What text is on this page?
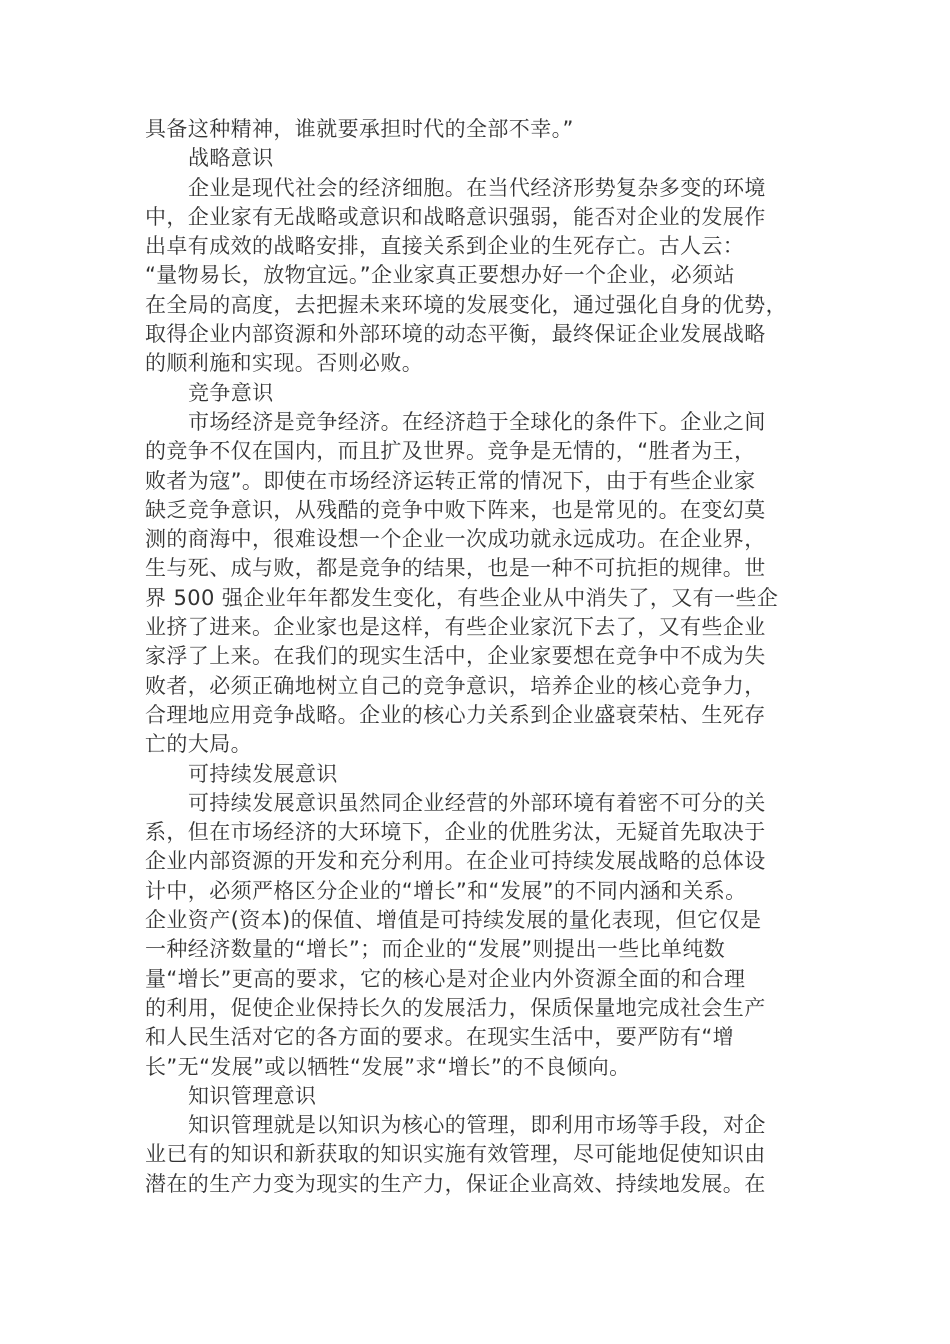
具备这种精神，谁就要承担时代的全部不幸。”
战略意识
企业是现代社会的经济细胞。在当代经济形势复杂多变的环境
中，企业家有无战略或意识和战略意识强弱，能否对企业的发展作
出卓有成效的战略安排，直接关系到企业的生死存亡。古人云：
“量物易长，放物宜远。”企业家真正要想办好一个企业，必须站
在全局的高度，去把握未来环境的发展变化，通过强化自身的优势，
取得企业内部资源和外部环境的动态平衡，最终保证企业发展战略
的顺利施和实现。否则必败。
竞争意识
市场经济是竞争经济。在经济趋于全球化的条件下。企业之间
的竞争不仅在国内，而且扩及世界。竞争是无情的，“胜者为王，
败者为寇”。即使在市场经济运转正常的情况下，由于有些企业家
缺乏竞争意识，从残酷的竞争中败下阵来，也是常见的。在变幻莫
测的商海中，很难设想一个企业一次成功就永远成功。在企业界，
生与死、成与败，都是竞争的结果，也是一种不可抗拒的规律。世
界 500 强企业年年都发生变化，有些企业从中消失了，又有一些企
业挤了进来。企业家也是这样，有些企业家沉下去了，又有些企业
家浮了上来。在我们的现实生活中，企业家要想在竞争中不成为失
败者，必须正确地树立自己的竞争意识，培养企业的核心竞争力，
合理地应用竞争战略。企业的核心力关系到企业盛衰荣枯、生死存
亡的大局。
可持续发展意识
可持续发展意识虽然同企业经营的外部环境有着密不可分的关
系，但在市场经济的大环境下，企业的优胜劣汰，无疑首先取决于
企业内部资源的开发和充分利用。在企业可持续发展战略的总体设
计中，必须严格区分企业的“增长”和“发展”的不同内涵和关系。
企业资产(资本)的保值、增值是可持续发展的量化表现，但它仅是
一种经济数量的“增长”；而企业的“发展”则提出一些比单纯数
量“增长”更高的要求，它的核心是对企业内外资源全面的和合理
的利用，促使企业保持长久的发展活力，保质保量地完成社会生产
和人民生活对它的各方面的要求。在现实生活中，要严防有“增
长”无“发展”或以牺牲“发展”求“增长”的不良倾向。
知识管理意识
知识管理就是以知识为核心的管理，即利用市场等手段，对企
业已有的知识和新获取的知识实施有效管理，尽可能地促使知识由
潜在的生产力变为现实的生产力，保证企业高效、持续地发展。在
